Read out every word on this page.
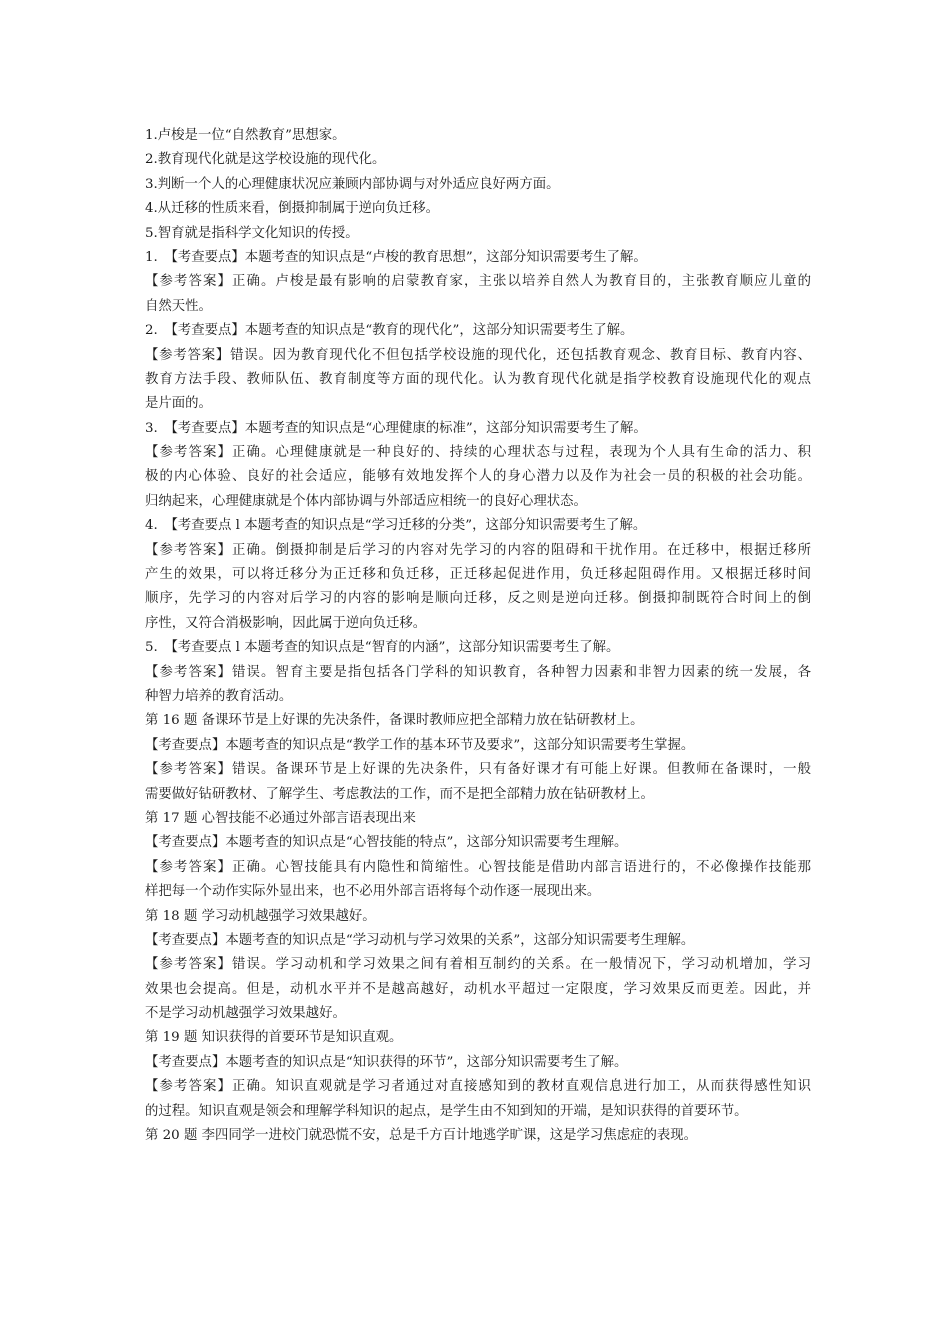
1.卢梭是一位“自然教育”思想家。
2.教育现代化就是这学校设施的现代化。
3.判断一个人的心理健康状况应兼顾内部协调与对外适应良好两方面。
4.从迁移的性质来看，倒摄抑制属于逆向负迁移。
5.智育就是指科学文化知识的传授。
1.　【考查要点】本题考查的知识点是“卢梭的教育思想”，这部分知识需要考生了解。
【参考答案】正确。卢梭是最有影响的启蒙教育家，主张以培养自然人为教育目的，主张教育顺应儿童的
自然天性。
2.　【考查要点】本题考查的知识点是“教育的现代化”，这部分知识需要考生了解。
【参考答案】错误。因为教育现代化不但包括学校设施的现代化，还包括教育观念、教育目标、教育内容、
教育方法手段、教师队伍、教育制度等方面的现代化。认为教育现代化就是指学校教育设施现代化的观点
是片面的。
3.　【考查要点】本题考查的知识点是“心理健康的标准”，这部分知识需要考生了解。
【参考答案】正确。心理健康就是一种良好的、持续的心理状态与过程，表现为个人具有生命的活力、积
极的内心体验、良好的社会适应，能够有效地发挥个人的身心潜力以及作为社会一员的积极的社会功能。
归纳起来，心理健康就是个体内部协调与外部适应相统一的良好心理状态。
4.　【考查要点 l 本题考查的知识点是“学习迁移的分类”，这部分知识需要考生了解。
【参考答案】正确。倒摄抑制是后学习的内容对先学习的内容的阻碍和干扰作用。在迁移中，根据迁移所
产生的效果，可以将迁移分为正迁移和负迁移，正迁移起促进作用，负迁移起阻碍作用。又根据迁移时间
顺序，先学习的内容对后学习的内容的影响是顺向迁移，反之则是逆向迁移。倒摄抑制既符合时间上的倒
序性，又符合消极影响，因此属于逆向负迁移。
5.　【考查要点 l 本题考查的知识点是“智育的内涵”，这部分知识需要考生了解。
【参考答案】错误。智育主要是指包括各门学科的知识教育，各种智力因素和非智力因素的统一发展，各
种智力培养的教育活动。
第 16 题 备课环节是上好课的先决条件，备课时教师应把全部精力放在钻研教材上。
【考查要点】本题考查的知识点是“教学工作的基本环节及要求”，这部分知识需要考生掌握。
【参考答案】错误。备课环节是上好课的先决条件，只有备好课才有可能上好课。但教师在备课时，一般
需要做好钻研教材、了解学生、考虑教法的工作，而不是把全部精力放在钻研教材上。
第 17 题 心智技能不必通过外部言语表现出来
【考查要点】本题考查的知识点是“心智技能的特点”，这部分知识需要考生理解。
【参考答案】正确。心智技能具有内隐性和简缩性。心智技能是借助内部言语进行的，不必像操作技能那
样把每一个动作实际外显出来，也不必用外部言语将每个动作逐一展现出来。
第 18 题 学习动机越强学习效果越好。
【考查要点】本题考查的知识点是“学习动机与学习效果的关系”，这部分知识需要考生理解。
【参考答案】错误。学习动机和学习效果之间有着相互制约的关系。在一般情况下，学习动机增加，学习
效果也会提高。但是，动机水平并不是越高越好，动机水平超过一定限度，学习效果反而更差。因此，并
不是学习动机越强学习效果越好。
第 19 题 知识获得的首要环节是知识直观。
【考查要点】本题考查的知识点是“知识获得的环节”，这部分知识需要考生了解。
【参考答案】正确。知识直观就是学习者通过对直接感知到的教材直观信息进行加工，从而获得感性知识
的过程。知识直观是领会和理解学科知识的起点，是学生由不知到知的开端，是知识获得的首要环节。
第 20 题 李四同学一进校门就恐慌不安，总是千方百计地逃学旷课，这是学习焦虑症的表现。
